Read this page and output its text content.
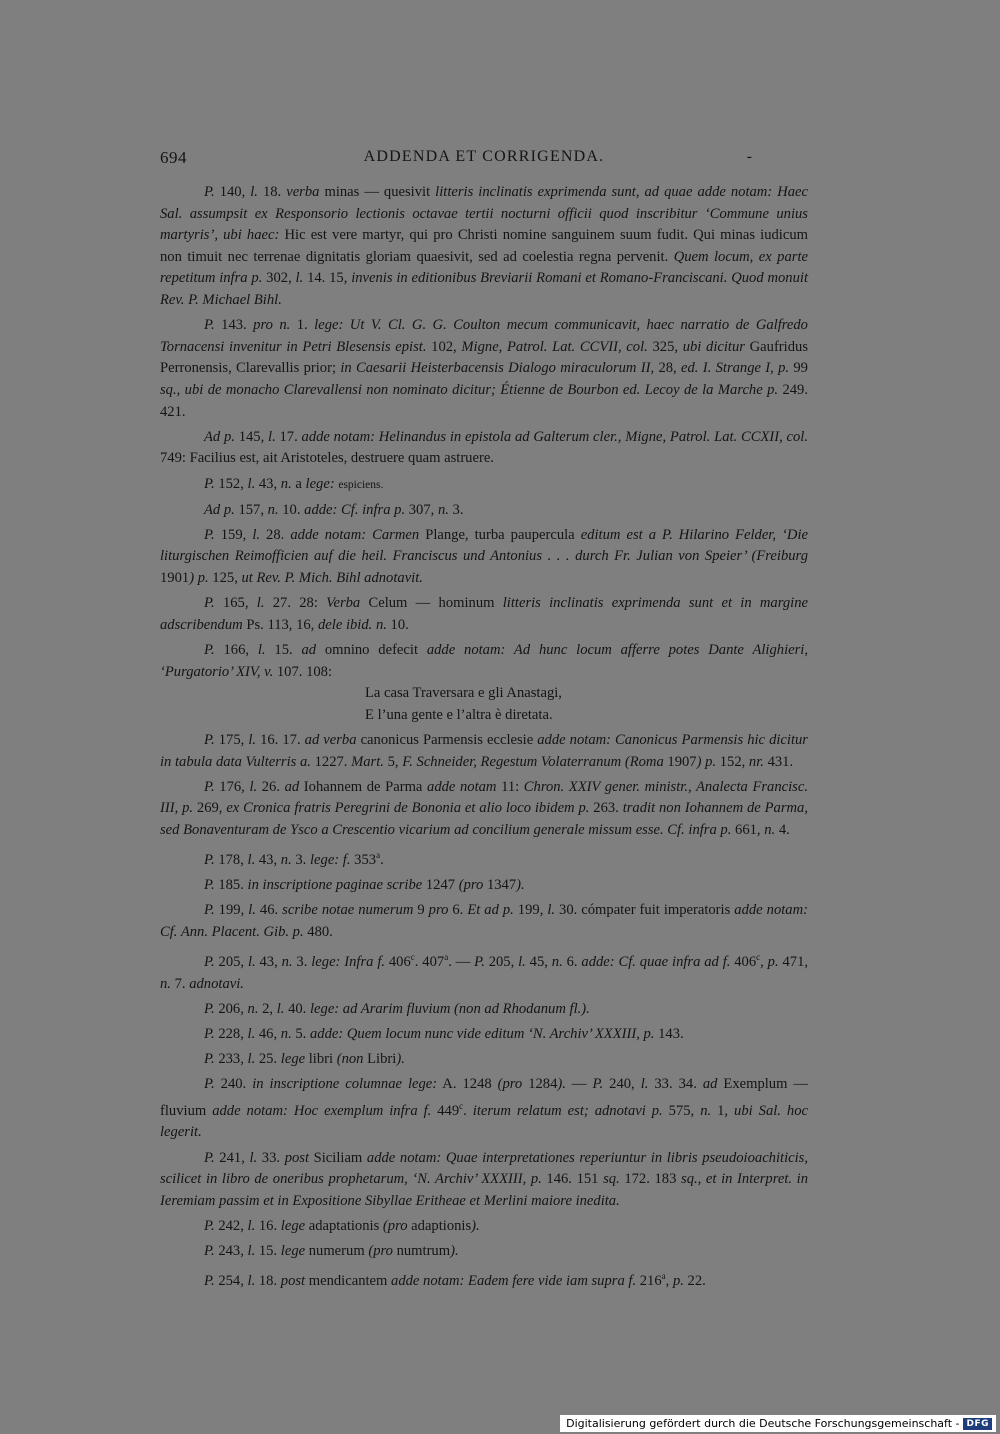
694	ADDENDA ET CORRIGENDA.	-

P. 140, l. 18. verba minas — quesivit litteris inclinatis exprimenda sunt, ad quae adde notam: Haec Sal. assumpsit ex Responsorio lectionis octavae tertii nocturni officii quod inscribitur ‘Commune unius martyris’, ubi haec: Hic est vere martyr, qui pro Christi nomine sanguinem suum fudit. Qui minas iudicum non timuit nec terrenae dignitatis gloriam quaesivit, sed ad coelestia regna pervenit. Quem locum, ex parte repetitum infra p. 302, l. 14. 15, invenis in editionibus Breviarii Romani et Romano-Franciscani. Quod monuit Rev. P. Michael Bihl.

P. 143. pro n. 1. lege: Ut V. Cl. G. G. Coulton mecum communicavit, haec narratio de Galfredo Tornacensi invenitur in Petri Blesensis epist. 102, Migne, Patrol. Lat. CCVII, col. 325, ubi dicitur Gaufridus Perronensis, Clarevallis prior; in Caesarii Heisterbacensis Dialogo miraculorum II, 28, ed. I. Strange I, p. 99 sq., ubi de monacho Clarevallensi non nominato dicitur; Étienne de Bourbon ed. Lecoy de la Marche p. 249. 421.

Ad p. 145, l. 17. adde notam: Helinandus in epistola ad Galterum cler., Migne, Patrol. Lat. CCXII, col. 749: Facilius est, ait Aristoteles, destruere quam astruere.

P. 152, l. 43, n. a lege: espiciens.

Ad p. 157, n. 10. adde: Cf. infra p. 307, n. 3.

P. 159, l. 28. adde notam: Carmen Plange, turba paupercula editum est a P. Hilarino Felder, ‘Die liturgischen Reimofficien auf die heil. Franciscus und Antonius . . . durch Fr. Julian von Speier’ (Freiburg 1901) p. 125, ut Rev. P. Mich. Bihl adnotavit.

P. 165, l. 27. 28: Verba Celum — hominum litteris inclinatis exprimenda sunt et in margine adscribendum Ps. 113, 16, dele ibid. n. 10.

P. 166, l. 15. ad omnino defecit adde notam: Ad hunc locum afferre potes Dante Alighieri, ‘Purgatorio’ XIV, v. 107. 108:

La casa Traversara e gli Anastagi,

E l’una gente e l’altra è diretata.

P. 175, l. 16. 17. ad verba canonicus Parmensis ecclesie adde notam: Canonicus Parmensis hic dicitur in tabula data Vulterris a. 1227. Mart. 5, F. Schneider, Regestum Volaterranum (Roma 1907) p. 152, nr. 431.

P. 176, l. 26. ad Iohannem de Parma adde notam 11: Chron. XXIV gener. ministr., Analecta Francisc. III, p. 269, ex Cronica fratris Peregrini de Bononia et alio loco ibidem p. 263. tradit non Iohannem de Parma, sed Bonaventuram de Ysco a Crescentio vicarium ad concilium generale missum esse. Cf. infra p. 661, n. 4.

P. 178, l. 43, n. 3. lege: f. 353$^a$.

P. 185. in inscriptione paginae scribe 1247 (pro 1347).

P. 199, l. 46. scribe notae numerum 9 pro 6. Et ad p. 199, l. 30. cómpater fuit imperatoris adde notam: Cf. Ann. Placent. Gib. p. 480.

P. 205, l. 43, n. 3. lege: Infra f. 406$^c$. 407$^a$. — P. 205, l. 45, n. 6. adde: Cf. quae infra ad f. 406$^c$, p. 471, n. 7. adnotavi.

P. 206, n. 2, l. 40. lege: ad Ararim fluvium (non ad Rhodanum fl.).

P. 228, l. 46, n. 5. adde: Quem locum nunc vide editum ‘N. Archiv’ XXXIII, p. 143.

P. 233, l. 25. lege libri (non Libri).

P. 240. in inscriptione columnae lege: A. 1248 (pro 1284). — P. 240, l. 33. 34. ad Exemplum — fluvium adde notam: Hoc exemplum infra f. 449$^c$. iterum relatum est; adnotavi p. 575, n. 1, ubi Sal. hoc legerit.

P. 241, l. 33. post Siciliam adde notam: Quae interpretationes reperiuntur in libris pseudoioachiticis, scilicet in libro de oneribus prophetarum, ‘N. Archiv’ XXXIII, p. 146. 151 sq. 172. 183 sq., et in Interpret. in Ieremiam passim et in Expositione Sibyllae Eritheae et Merlini maiore inedita.

P. 242, l. 16. lege adaptationis (pro adaptionis).

P. 243, l. 15. lege numerum (pro numtrum).

P. 254, l. 18. post mendicantem adde notam: Eadem fere vide iam supra f. 216$^a$, p. 22.

Digitalisierung gefördert durch die Deutsche Forschungsgemeinschaft - DFG
